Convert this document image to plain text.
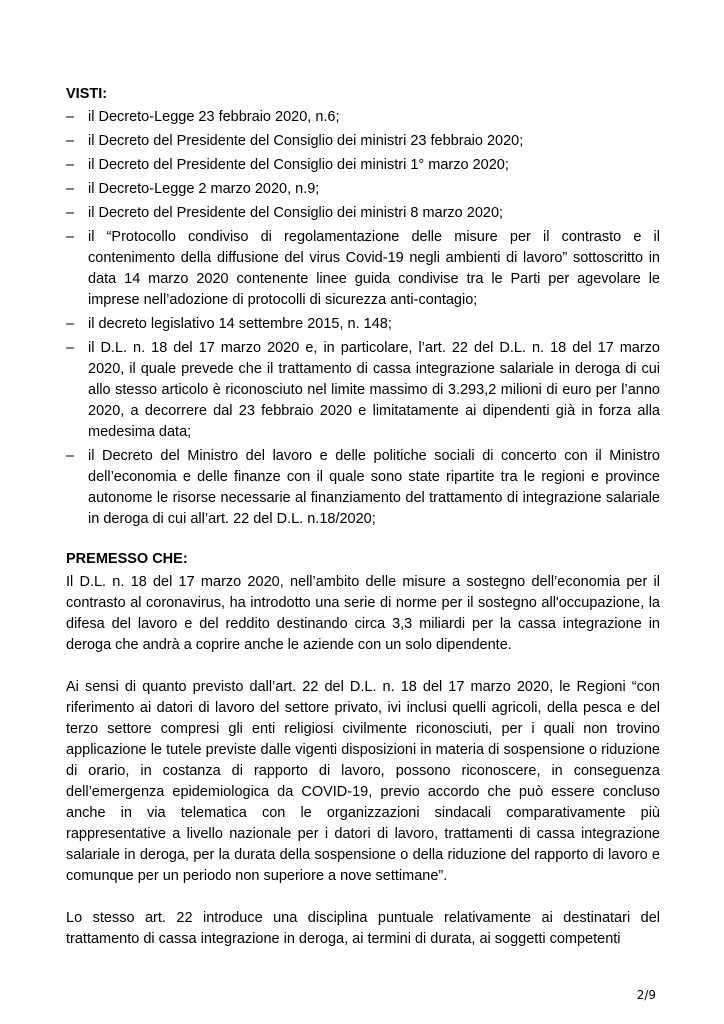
VISTI:
– il Decreto-Legge 23 febbraio 2020, n.6;
– il Decreto del Presidente del Consiglio dei ministri 23 febbraio 2020;
– il Decreto del Presidente del Consiglio dei ministri 1° marzo 2020;
– il Decreto-Legge 2 marzo 2020, n.9;
– il Decreto del Presidente del Consiglio dei ministri 8 marzo 2020;
– il “Protocollo condiviso di regolamentazione delle misure per il contrasto e il contenimento della diffusione del virus Covid-19 negli ambienti di lavoro” sottoscritto in data 14 marzo 2020 contenente linee guida condivise tra le Parti per agevolare le imprese nell’adozione di protocolli di sicurezza anti-contagio;
– il decreto legislativo 14 settembre 2015, n. 148;
– il D.L. n. 18 del 17 marzo 2020 e, in particolare, l’art. 22 del D.L. n. 18 del 17 marzo 2020, il quale prevede che il trattamento di cassa integrazione salariale in deroga di cui allo stesso articolo è riconosciuto nel limite massimo di 3.293,2 milioni di euro per l’anno 2020, a decorrere dal 23 febbraio 2020 e limitatamente ai dipendenti già in forza alla medesima data;
– il Decreto del Ministro del lavoro e delle politiche sociali di concerto con il Ministro dell’economia e delle finanze con il quale sono state ripartite tra le regioni e province autonome le risorse necessarie al finanziamento del trattamento di integrazione salariale in deroga di cui all’art. 22 del D.L. n.18/2020;
PREMESSO CHE:

Il D.L. n. 18 del 17 marzo 2020, nell’ambito delle misure a sostegno dell’economia per il contrasto al coronavirus, ha introdotto una serie di norme per il sostegno all'occupazione, la difesa del lavoro e del reddito destinando circa 3,3 miliardi per la cassa integrazione in deroga che andrà a coprire anche le aziende con un solo dipendente.

Ai sensi di quanto previsto dall’art. 22 del D.L. n. 18 del 17 marzo 2020, le Regioni “con riferimento ai datori di lavoro del settore privato, ivi inclusi quelli agricoli, della pesca e del terzo settore compresi gli enti religiosi civilmente riconosciuti, per i quali non trovino applicazione le tutele previste dalle vigenti disposizioni in materia di sospensione o riduzione di orario, in costanza di rapporto di lavoro, possono riconoscere, in conseguenza dell’emergenza epidemiologica da COVID-19, previo accordo che può essere concluso anche in via telematica con le organizzazioni sindacali comparativamente più rappresentative a livello nazionale per i datori di lavoro, trattamenti di cassa integrazione salariale in deroga, per la durata della sospensione o della riduzione del rapporto di lavoro e comunque per un periodo non superiore a nove settimane”.

Lo stesso art. 22 introduce una disciplina puntuale relativamente ai destinatari del trattamento di cassa integrazione in deroga, ai termini di durata, ai soggetti competenti

2/9
